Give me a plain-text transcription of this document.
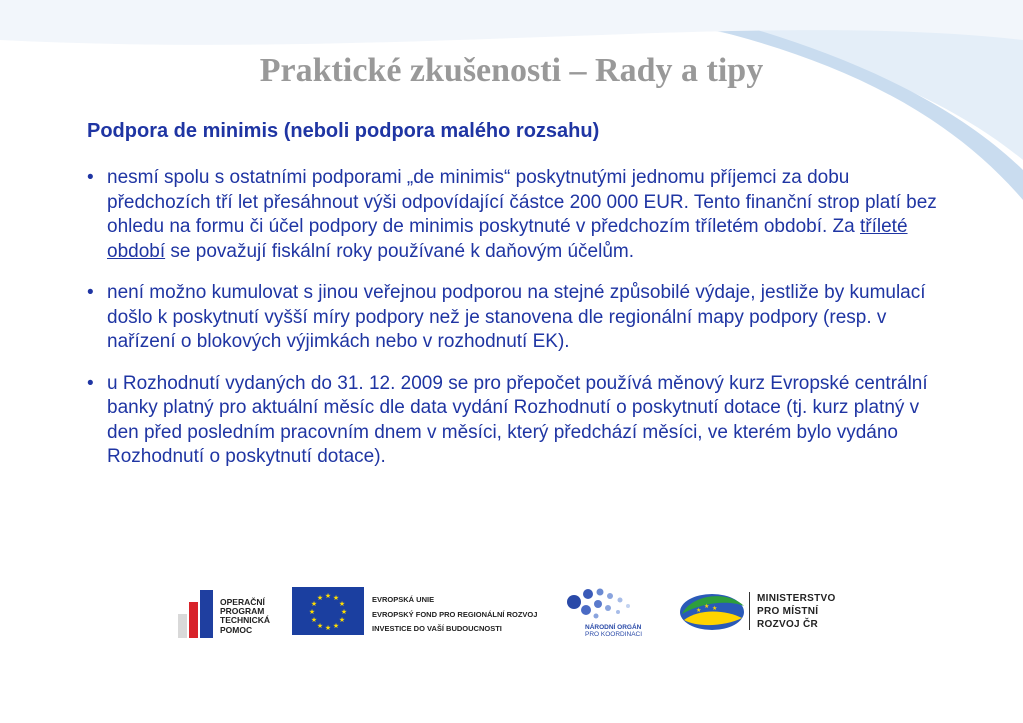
Praktické zkušenosti – Rady a tipy
Podpora de minimis (neboli podpora malého rozsahu)
• nesmí spolu s ostatními podporami „de minimis“ poskytnutými jednomu příjemci za dobu předchozích tří let přesáhnout výši odpovídající částce 200 000 EUR. Tento finanční strop platí bez ohledu na formu či účel podpory de minimis poskytnuté v předchozím tříletém období. Za tříleté období se považují fiskální roky používané k daňovým účelům.
• není možno kumulovat s jinou veřejnou podporou na stejné způsobilé výdaje, jestliže by kumulací došlo k poskytnutí vyšší míry podpory než je stanovena dle regionální mapy podpory (resp. v nařízení o blokových výjimkách nebo v rozhodnutí EK).
• u Rozhodnutí vydaných do 31. 12. 2009 se pro přepočet používá měnový kurz Evropské centrální banky platný pro aktuální měsíc dle data vydání Rozhodnutí o poskytnutí dotace (tj. kurz platný v den před posledním pracovním dnem v měsíci, který předchází měsíci, ve kterém bylo vydáno Rozhodnutí o poskytnutí dotace).
OPERAČNÍ
PROGRAM
TECHNICKÁ
POMOC
★ ★
★
★
★
★
★
★
★
★
★
★	EVROPSKÁ UNIE
EVROPSKÝ FOND PRO REGIONÁLNÍ ROZVOJ
INVESTICE DO VAŠÍ BUDOUCNOSTI	NÁRODNÍ ORGÁN
PRO KOORDINACI
★
★ ★
MINISTERSTVO
PRO MÍSTNÍ
ROZVOJ ČR
